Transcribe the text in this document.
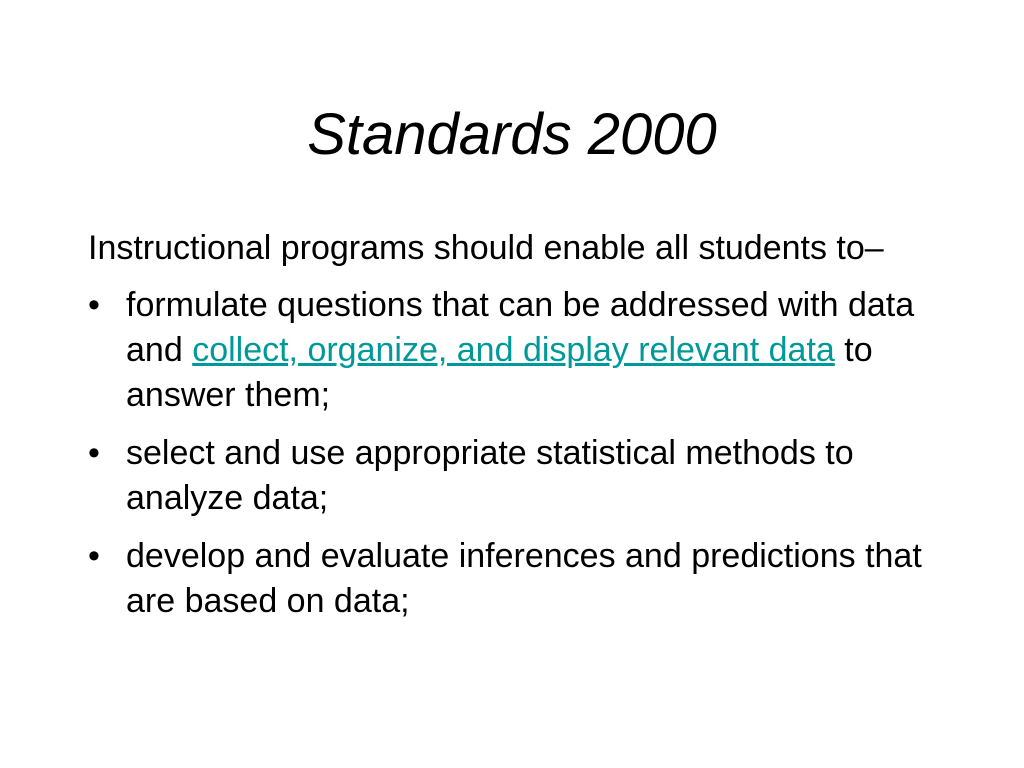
Standards 2000

Instructional programs should enable all students to–

• formulate questions that can be addressed with data and collect, organize, and display relevant data to answer them;
• select and use appropriate statistical methods to analyze data;
• develop and evaluate inferences and predictions that are based on data;
